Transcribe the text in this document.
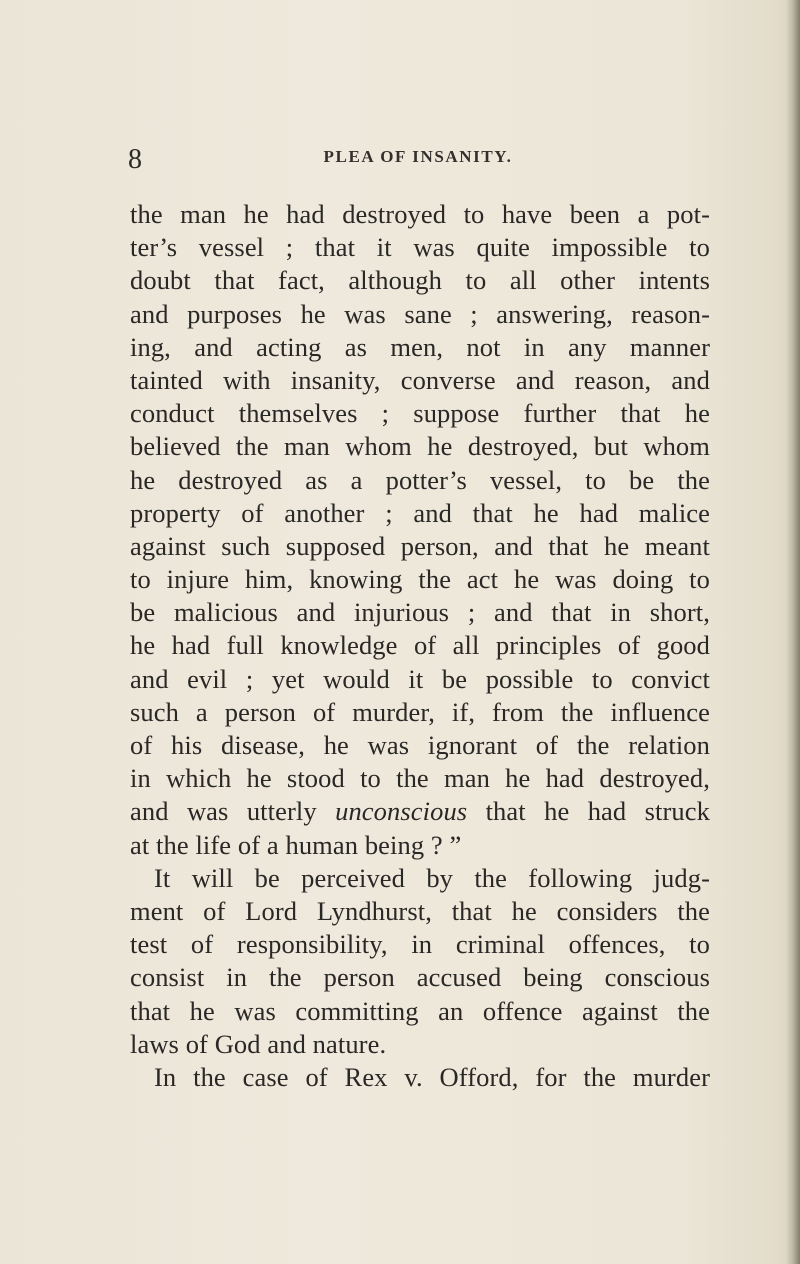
8	PLEA OF INSANITY.
the man he had destroyed to have been a pot-
ter’s vessel ; that it was quite impossible to
doubt that fact, although to all other intents
and purposes he was sane ; answering, reason-
ing, and acting as men, not in any manner
tainted with insanity, converse and reason, and
conduct themselves ; suppose further that he
believed the man whom he destroyed, but whom
he destroyed as a potter’s vessel, to be the
property of another ; and that he had malice
against such supposed person, and that he meant
to injure him, knowing the act he was doing to
be malicious and injurious ; and that in short,
he had full knowledge of all principles of good
and evil ; yet would it be possible to convict
such a person of murder, if, from the influence
of his disease, he was ignorant of the relation
in which he stood to the man he had destroyed,
and was utterly unconscious that he had struck
at the life of a human being ? ”
It will be perceived by the following judg-
ment of Lord Lyndhurst, that he considers the
test of responsibility, in criminal offences, to
consist in the person accused being conscious
that he was committing an offence against the
laws of God and nature.
In the case of Rex v. Offord, for the murder
